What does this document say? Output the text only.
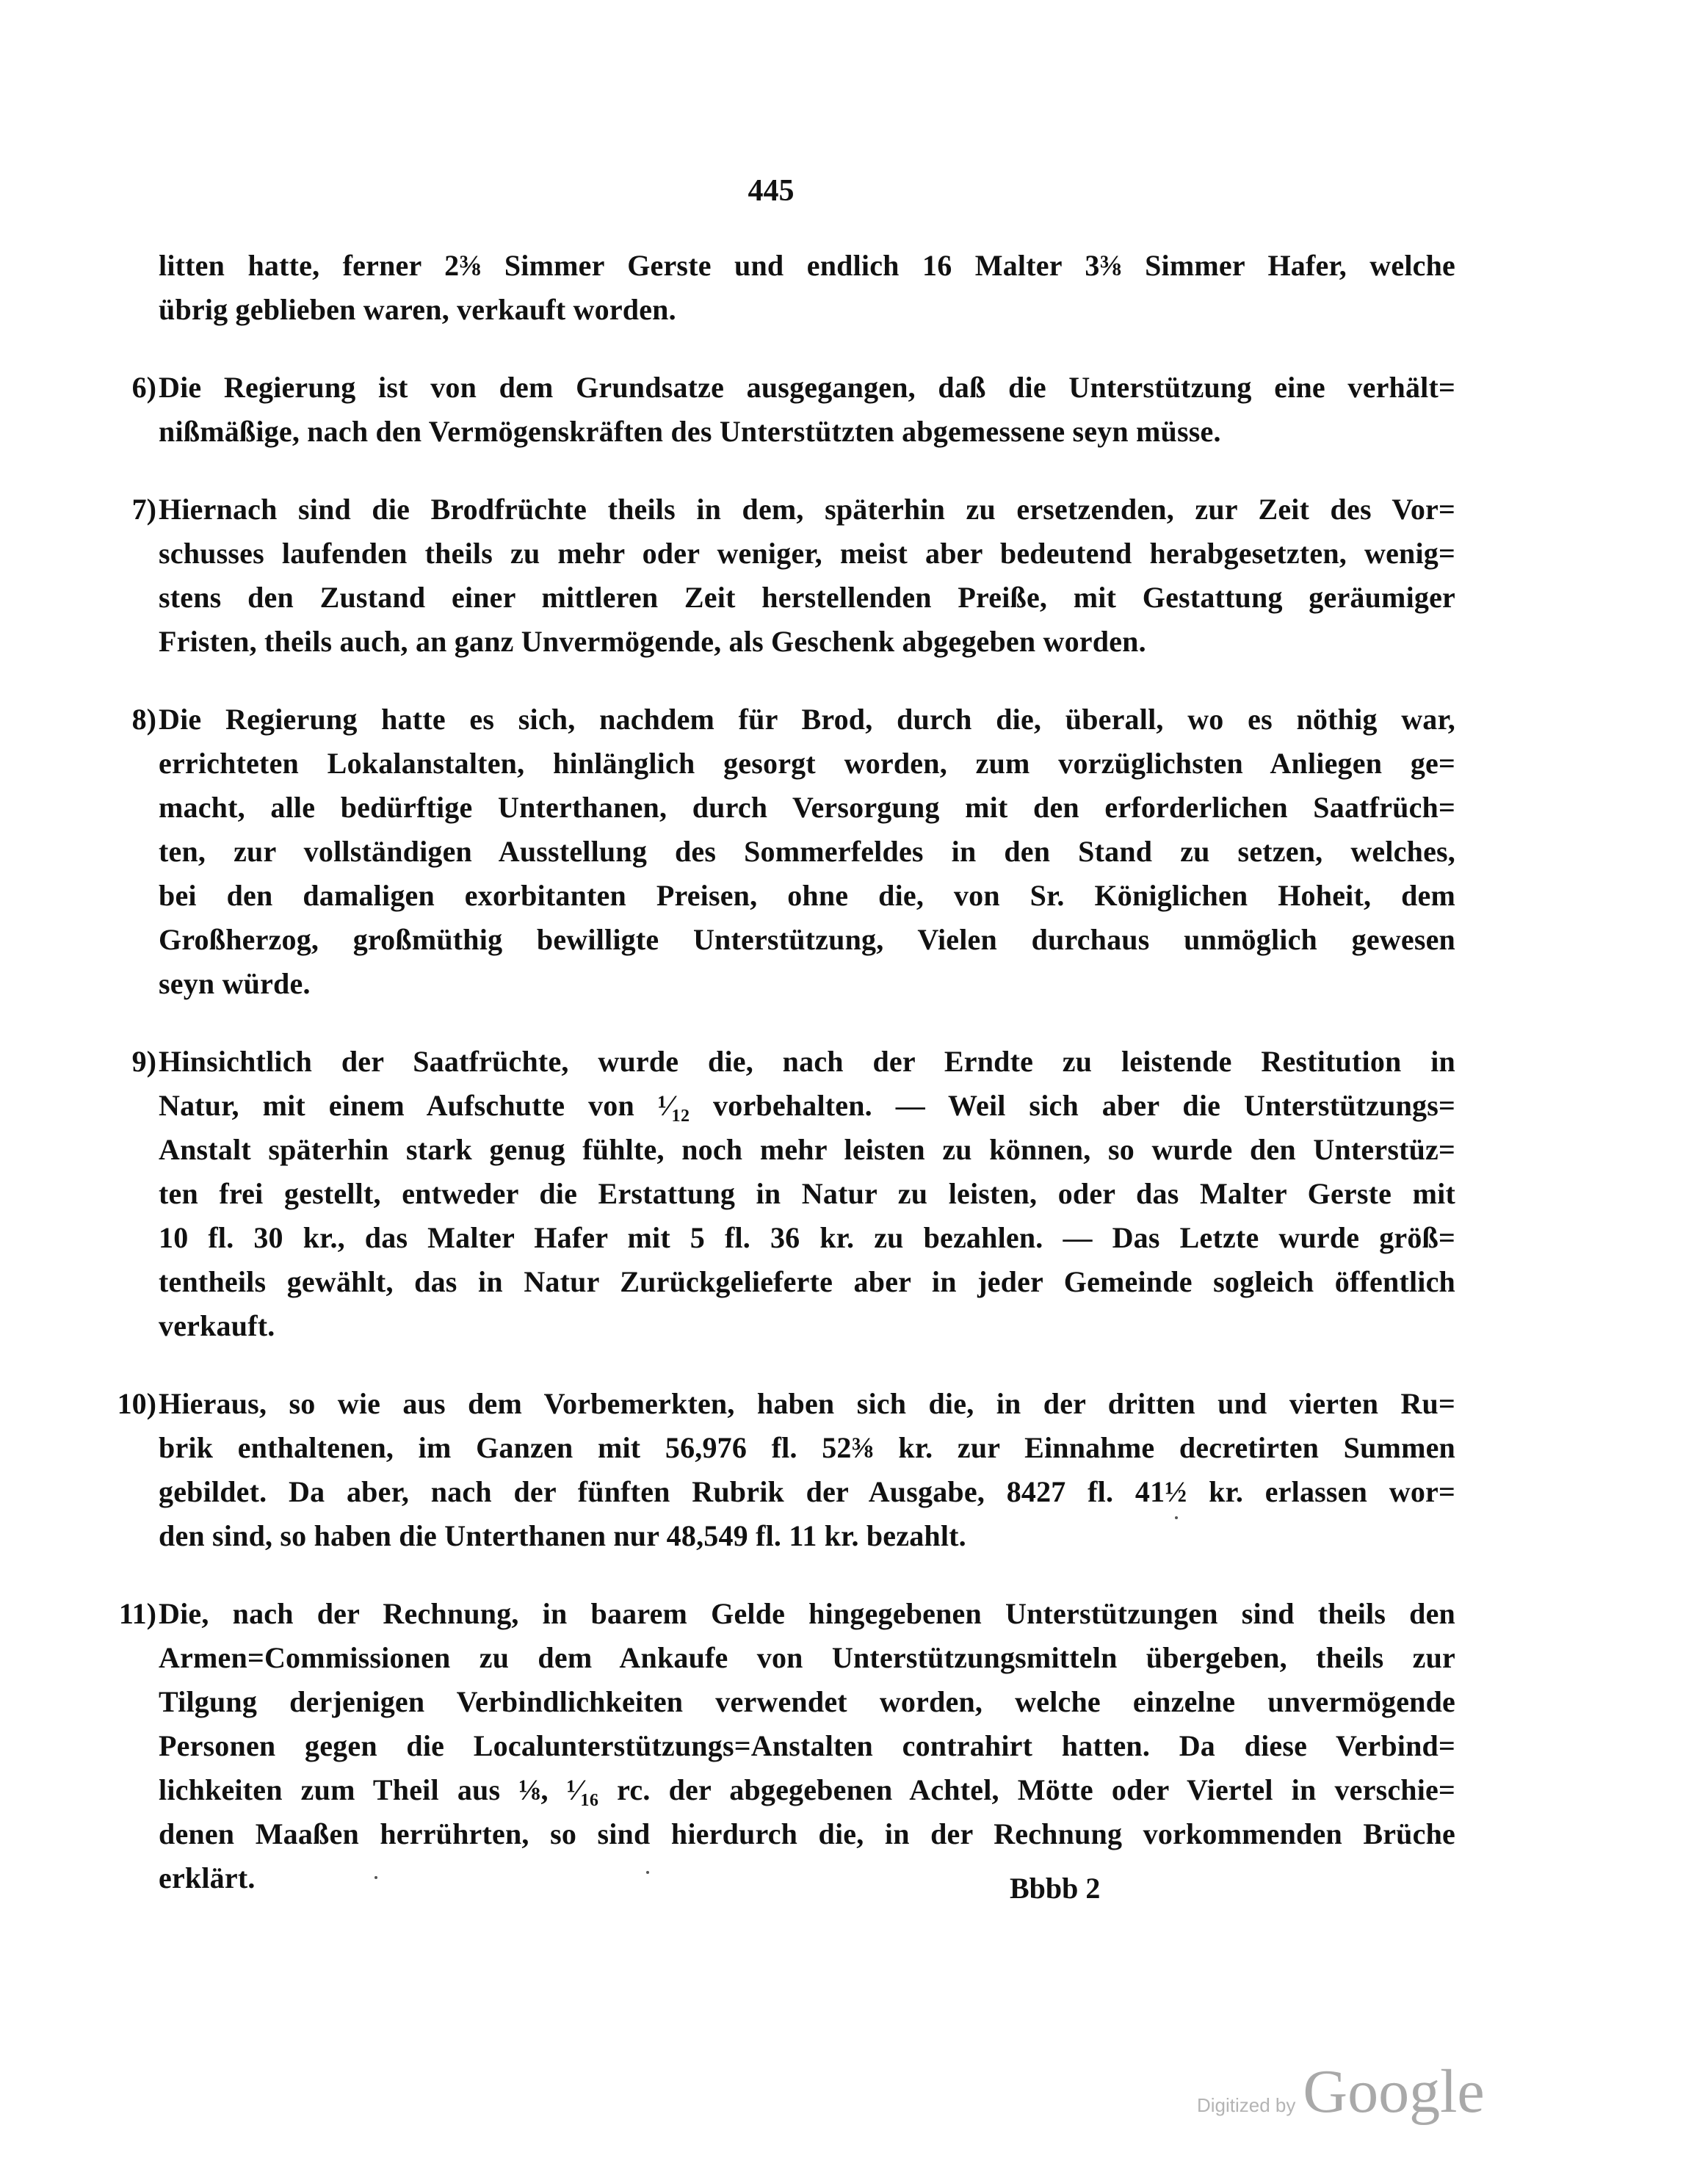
445
litten hatte, ferner 2⅜ Simmer Gerste und endlich 16 Malter 3⅜ Simmer Hafer, welche
übrig geblieben waren, verkauft worden.
6) Die Regierung ist von dem Grundsatze ausgegangen, daß die Unterstützung eine verhält=
nißmäßige, nach den Vermögenskräften des Unterstützten abgemessene seyn müsse.
7) Hiernach sind die Brodfrüchte theils in dem, späterhin zu ersetzenden, zur Zeit des Vor=
schusses laufenden theils zu mehr oder weniger, meist aber bedeutend herabgesetzten, wenig=
stens den Zustand einer mittleren Zeit herstellenden Preiße, mit Gestattung geräumiger
Fristen, theils auch, an ganz Unvermögende, als Geschenk abgegeben worden.
8) Die Regierung hatte es sich, nachdem für Brod, durch die, überall, wo es nöthig war,
errichteten Lokalanstalten, hinlänglich gesorgt worden, zum vorzüglichsten Anliegen ge=
macht, alle bedürftige Unterthanen, durch Versorgung mit den erforderlichen Saatfrüch=
ten, zur vollständigen Ausstellung des Sommerfeldes in den Stand zu setzen, welches,
bei den damaligen exorbitanten Preisen, ohne die, von Sr. Königlichen Hoheit, dem
Großherzog, großmüthig bewilligte Unterstützung, Vielen durchaus unmöglich gewesen
seyn würde.
9) Hinsichtlich der Saatfrüchte, wurde die, nach der Erndte zu leistende Restitution in
Natur, mit einem Aufschutte von ¹⁄₁₂ vorbehalten. — Weil sich aber die Unterstützungs=
Anstalt späterhin stark genug fühlte, noch mehr leisten zu können, so wurde den Unterstüz=
ten frei gestellt, entweder die Erstattung in Natur zu leisten, oder das Malter Gerste mit
10 fl. 30 kr., das Malter Hafer mit 5 fl. 36 kr. zu bezahlen. — Das Letzte wurde größ=
tentheils gewählt, das in Natur Zurückgelieferte aber in jeder Gemeinde sogleich öffentlich
verkauft.
10) Hieraus, so wie aus dem Vorbemerkten, haben sich die, in der dritten und vierten Ru=
brik enthaltenen, im Ganzen mit 56,976 fl. 52⅜ kr. zur Einnahme decretirten Summen
gebildet. Da aber, nach der fünften Rubrik der Ausgabe, 8427 fl. 41½ kr. erlassen wor=
den sind, so haben die Unterthanen nur 48,549 fl. 11 kr. bezahlt.
11) Die, nach der Rechnung, in baarem Gelde hingegebenen Unterstützungen sind theils den
Armen=Commissionen zu dem Ankaufe von Unterstützungsmitteln übergeben, theils zur
Tilgung derjenigen Verbindlichkeiten verwendet worden, welche einzelne unvermögende
Personen gegen die Localunterstützungs=Anstalten contrahirt hatten. Da diese Verbind=
lichkeiten zum Theil aus ⅛, ¹⁄₁₆ rc. der abgegebenen Achtel, Mötte oder Viertel in verschie=
denen Maaßen herrührten, so sind hierdurch die, in der Rechnung vorkommenden Brüche
erklärt.	Bbbb 2
Digitized by Google
